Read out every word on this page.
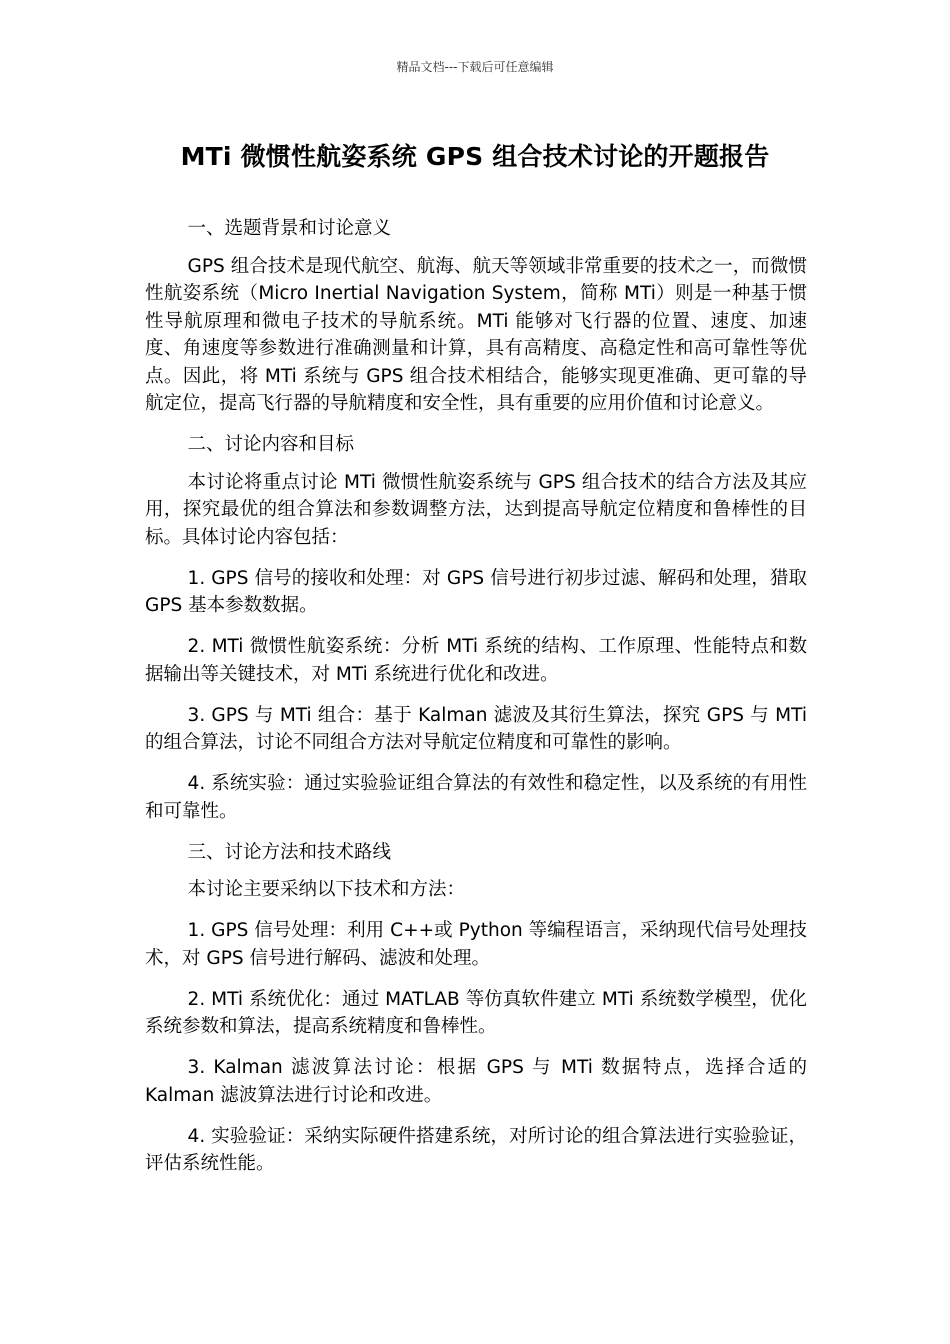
精品文档---下载后可任意编辑
MTi 微惯性航姿系统 GPS 组合技术讨论的开题报告

一、选题背景和讨论意义

GPS 组合技术是现代航空、航海、航天等领域非常重要的技术之一，而微惯性航姿系统（Micro Inertial Navigation System，简称 MTi）则是一种基于惯性导航原理和微电子技术的导航系统。MTi 能够对飞行器的位置、速度、加速度、角速度等参数进行准确测量和计算，具有高精度、高稳定性和高可靠性等优点。因此，将 MTi 系统与 GPS 组合技术相结合，能够实现更准确、更可靠的导航定位，提高飞行器的导航精度和安全性，具有重要的应用价值和讨论意义。

二、讨论内容和目标

本讨论将重点讨论 MTi 微惯性航姿系统与 GPS 组合技术的结合方法及其应用，探究最优的组合算法和参数调整方法，达到提高导航定位精度和鲁棒性的目标。具体讨论内容包括：

1. GPS 信号的接收和处理：对 GPS 信号进行初步过滤、解码和处理，猎取 GPS 基本参数数据。

2. MTi 微惯性航姿系统：分析 MTi 系统的结构、工作原理、性能特点和数据输出等关键技术，对 MTi 系统进行优化和改进。

3. GPS 与 MTi 组合：基于 Kalman 滤波及其衍生算法，探究 GPS 与 MTi 的组合算法，讨论不同组合方法对导航定位精度和可靠性的影响。

4. 系统实验：通过实验验证组合算法的有效性和稳定性，以及系统的有用性和可靠性。

三、讨论方法和技术路线

本讨论主要采纳以下技术和方法：

1. GPS 信号处理：利用 C++或 Python 等编程语言，采纳现代信号处理技术，对 GPS 信号进行解码、滤波和处理。

2. MTi 系统优化：通过 MATLAB 等仿真软件建立 MTi 系统数学模型，优化系统参数和算法，提高系统精度和鲁棒性。

3. Kalman 滤波算法讨论：根据 GPS 与 MTi 数据特点，选择合适的 Kalman 滤波算法进行讨论和改进。

4. 实验验证：采纳实际硬件搭建系统，对所讨论的组合算法进行实验验证，评估系统性能。
